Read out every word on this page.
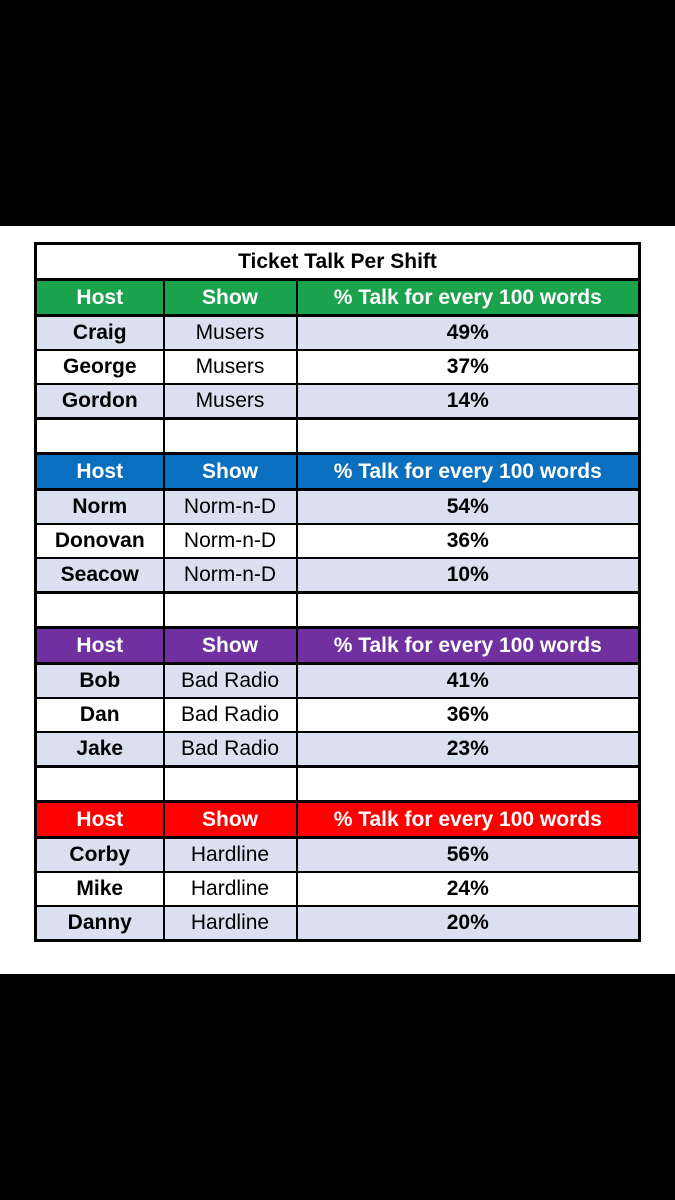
Ticket Talk Per Shift		
Host	Show	% Talk for every 100 words
Craig	Musers	49%
George	Musers	37%
Gordon	Musers	14%

Host	Show	% Talk for every 100 words
Norm	Norm-n-D	54%
Donovan	Norm-n-D	36%
Seacow	Norm-n-D	10%

Host	Show	% Talk for every 100 words
Bob	Bad Radio	41%
Dan	Bad Radio	36%
Jake	Bad Radio	23%

Host	Show	% Talk for every 100 words
Corby	Hardline	56%
Mike	Hardline	24%
Danny	Hardline	20%
